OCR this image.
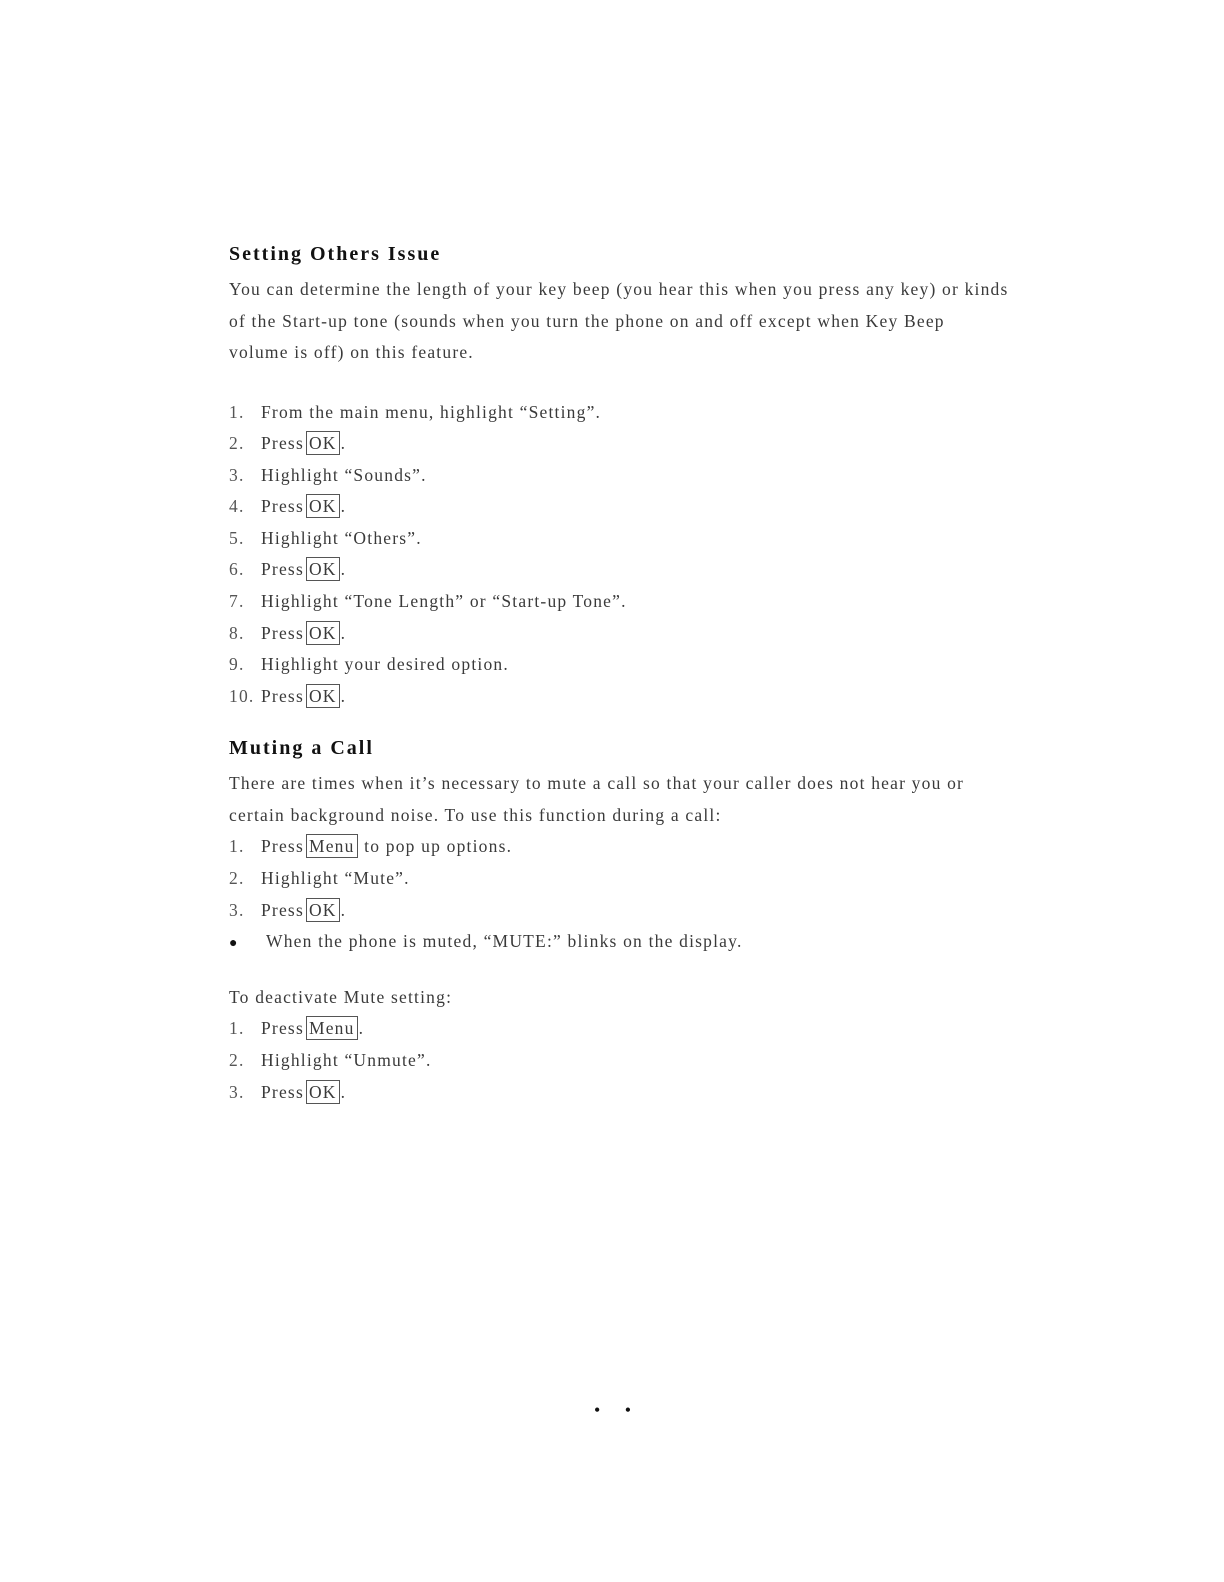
Setting Others Issue

You can determine the length of your key beep (you hear this when you press any key) or kinds of the Start-up tone (sounds when you turn the phone on and off except when Key Beep volume is off) on this feature.

1. From the main menu, highlight “Setting”.
2. Press OK .
3. Highlight “Sounds”.
4. Press OK .
5. Highlight “Others”.
6. Press OK .
7. Highlight “Tone Length” or “Start-up Tone”.
8. Press OK .
9. Highlight your desired option.
10. Press OK .
Muting a Call

There are times when it’s necessary to mute a call so that your caller does not hear you or certain background noise. To use this function during a call:

1. Press Menu to pop up options.
2. Highlight “Mute”.
3. Press OK .
●	When the phone is muted, “MUTE:” blinks on the display.

To deactivate Mute setting:

1. Press Menu .
2. Highlight “Unmute”.
3. Press OK .
• •
